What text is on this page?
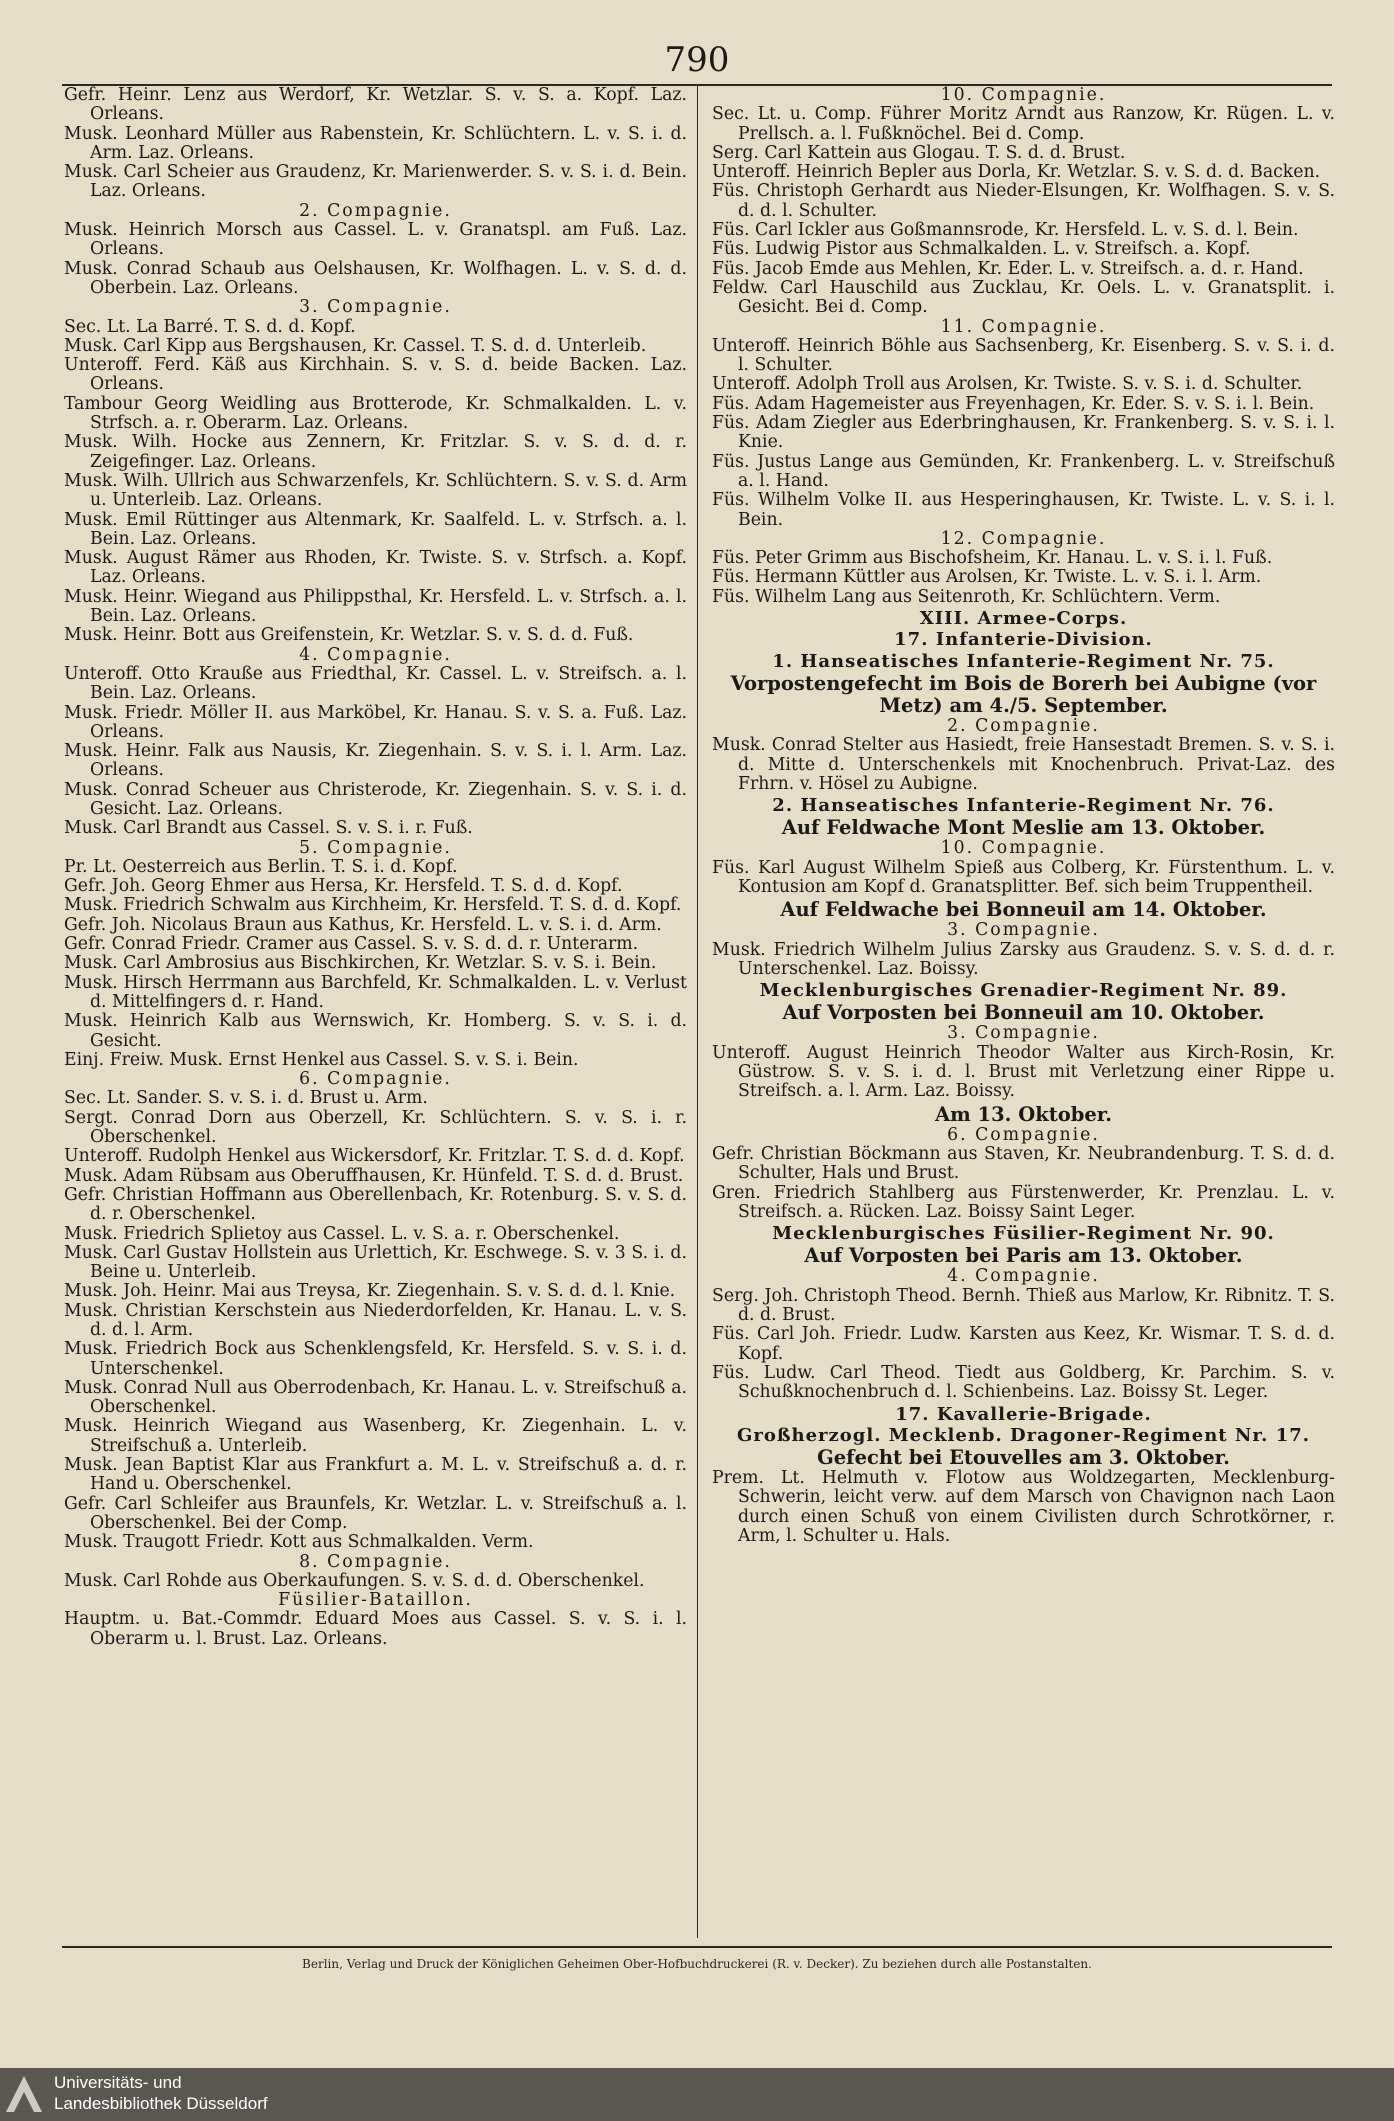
790

Gefr. Heinr. Lenz aus Werdorf, Kr. Wetzlar. S. v. S. a. Kopf. Laz. Orleans.

Musk. Leonhard Müller aus Rabenstein, Kr. Schlüchtern. L. v. S. i. d. Arm. Laz. Orleans.

Musk. Carl Scheier aus Graudenz, Kr. Marienwerder. S. v. S. i. d. Bein. Laz. Orleans.

2. Compagnie.

Musk. Heinrich Morsch aus Cassel. L. v. Granatspl. am Fuß. Laz. Orleans.

Musk. Conrad Schaub aus Oelshausen, Kr. Wolfhagen. L. v. S. d. d. Oberbein. Laz. Orleans.

3. Compagnie.

Sec. Lt. La Barré. T. S. d. d. Kopf.

Musk. Carl Kipp aus Bergshausen, Kr. Cassel. T. S. d. d. Unterleib.

Unteroff. Ferd. Käß aus Kirchhain. S. v. S. d. beide Backen. Laz. Orleans.

Tambour Georg Weidling aus Brotterode, Kr. Schmalkalden. L. v. Strfsch. a. r. Oberarm. Laz. Orleans.

Musk. Wilh. Hocke aus Zennern, Kr. Fritzlar. S. v. S. d. d. r. Zeigefinger. Laz. Orleans.

Musk. Wilh. Ullrich aus Schwarzenfels, Kr. Schlüchtern. S. v. S. d. Arm u. Unterleib. Laz. Orleans.

Musk. Emil Rüttinger aus Altenmark, Kr. Saalfeld. L. v. Strfsch. a. l. Bein. Laz. Orleans.

Musk. August Rämer aus Rhoden, Kr. Twiste. S. v. Strfsch. a. Kopf. Laz. Orleans.

Musk. Heinr. Wiegand aus Philippsthal, Kr. Hersfeld. L. v. Strfsch. a. l. Bein. Laz. Orleans.

Musk. Heinr. Bott aus Greifenstein, Kr. Wetzlar. S. v. S. d. d. Fuß.

4. Compagnie.

Unteroff. Otto Krauße aus Friedthal, Kr. Cassel. L. v. Streifsch. a. l. Bein. Laz. Orleans.

Musk. Friedr. Möller II. aus Marköbel, Kr. Hanau. S. v. S. a. Fuß. Laz. Orleans.

Musk. Heinr. Falk aus Nausis, Kr. Ziegenhain. S. v. S. i. l. Arm. Laz. Orleans.

Musk. Conrad Scheuer aus Christerode, Kr. Ziegenhain. S. v. S. i. d. Gesicht. Laz. Orleans.

Musk. Carl Brandt aus Cassel. S. v. S. i. r. Fuß.

5. Compagnie.

Pr. Lt. Oesterreich aus Berlin. T. S. i. d. Kopf.

Gefr. Joh. Georg Ehmer aus Hersa, Kr. Hersfeld. T. S. d. d. Kopf.

Musk. Friedrich Schwalm aus Kirchheim, Kr. Hersfeld. T. S. d. d. Kopf.

Gefr. Joh. Nicolaus Braun aus Kathus, Kr. Hersfeld. L. v. S. i. d. Arm.

Gefr. Conrad Friedr. Cramer aus Cassel. S. v. S. d. d. r. Unterarm.

Musk. Carl Ambrosius aus Bischkirchen, Kr. Wetzlar. S. v. S. i. Bein.

Musk. Hirsch Herrmann aus Barchfeld, Kr. Schmalkalden. L. v. Verlust d. Mittelfingers d. r. Hand.

Musk. Heinrich Kalb aus Wernswich, Kr. Homberg. S. v. S. i. d. Gesicht.

Einj. Freiw. Musk. Ernst Henkel aus Cassel. S. v. S. i. Bein.

6. Compagnie.

Sec. Lt. Sander. S. v. S. i. d. Brust u. Arm.

Sergt. Conrad Dorn aus Oberzell, Kr. Schlüchtern. S. v. S. i. r. Oberschenkel.

Unteroff. Rudolph Henkel aus Wickersdorf, Kr. Fritzlar. T. S. d. d. Kopf.

Musk. Adam Rübsam aus Oberuffhausen, Kr. Hünfeld. T. S. d. d. Brust.

Gefr. Christian Hoffmann aus Oberellenbach, Kr. Rotenburg. S. v. S. d. d. r. Oberschenkel.

Musk. Friedrich Splietoy aus Cassel. L. v. S. a. r. Oberschenkel.

Musk. Carl Gustav Hollstein aus Urlettich, Kr. Eschwege. S. v. 3 S. i. d. Beine u. Unterleib.

Musk. Joh. Heinr. Mai aus Treysa, Kr. Ziegenhain. S. v. S. d. d. l. Knie.

Musk. Christian Kerschstein aus Niederdorfelden, Kr. Hanau. L. v. S. d. d. l. Arm.

Musk. Friedrich Bock aus Schenklengsfeld, Kr. Hersfeld. S. v. S. i. d. Unterschenkel.

Musk. Conrad Null aus Oberrodenbach, Kr. Hanau. L. v. Streifschuß a. Oberschenkel.

Musk. Heinrich Wiegand aus Wasenberg, Kr. Ziegenhain. L. v. Streifschuß a. Unterleib.

Musk. Jean Baptist Klar aus Frankfurt a. M. L. v. Streifschuß a. d. r. Hand u. Oberschenkel.

Gefr. Carl Schleifer aus Braunfels, Kr. Wetzlar. L. v. Streifschuß a. l. Oberschenkel. Bei der Comp.

Musk. Traugott Friedr. Kott aus Schmalkalden. Verm.

8. Compagnie.

Musk. Carl Rohde aus Oberkaufungen. S. v. S. d. d. Oberschenkel.

Füsilier-Bataillon.

Hauptm. u. Bat.-Commdr. Eduard Moes aus Cassel. S. v. S. i. l. Oberarm u. l. Brust. Laz. Orleans.

10. Compagnie.

Sec. Lt. u. Comp. Führer Moritz Arndt aus Ranzow, Kr. Rügen. L. v. Prellsch. a. l. Fußknöchel. Bei d. Comp.

Serg. Carl Kattein aus Glogau. T. S. d. d. Brust.

Unteroff. Heinrich Bepler aus Dorla, Kr. Wetzlar. S. v. S. d. d. Backen.

Füs. Christoph Gerhardt aus Nieder-Elsungen, Kr. Wolfhagen. S. v. S. d. d. l. Schulter.

Füs. Carl Ickler aus Goßmannsrode, Kr. Hersfeld. L. v. S. d. l. Bein.

Füs. Ludwig Pistor aus Schmalkalden. L. v. Streifsch. a. Kopf.

Füs. Jacob Emde aus Mehlen, Kr. Eder. L. v. Streifsch. a. d. r. Hand.

Feldw. Carl Hauschild aus Zucklau, Kr. Oels. L. v. Granatsplit. i. Gesicht. Bei d. Comp.

11. Compagnie.

Unteroff. Heinrich Böhle aus Sachsenberg, Kr. Eisenberg. S. v. S. i. d. l. Schulter.

Unteroff. Adolph Troll aus Arolsen, Kr. Twiste. S. v. S. i. d. Schulter.

Füs. Adam Hagemeister aus Freyenhagen, Kr. Eder. S. v. S. i. l. Bein.

Füs. Adam Ziegler aus Ederbringhausen, Kr. Frankenberg. S. v. S. i. l. Knie.

Füs. Justus Lange aus Gemünden, Kr. Frankenberg. L. v. Streifschuß a. l. Hand.

Füs. Wilhelm Volke II. aus Hesperinghausen, Kr. Twiste. L. v. S. i. l. Bein.

12. Compagnie.

Füs. Peter Grimm aus Bischofsheim, Kr. Hanau. L. v. S. i. l. Fuß.

Füs. Hermann Küttler aus Arolsen, Kr. Twiste. L. v. S. i. l. Arm.

Füs. Wilhelm Lang aus Seitenroth, Kr. Schlüchtern. Verm.

XIII. Armee-Corps.

17. Infanterie-Division.

1. Hanseatisches Infanterie-Regiment Nr. 75.

Vorpostengefecht im Bois de Borerh bei Aubigne (vor Metz) am 4./5. September.

2. Compagnie.

Musk. Conrad Stelter aus Hasiedt, freie Hansestadt Bremen. S. v. S. i. d. Mitte d. Unterschenkels mit Knochenbruch. Privat-Laz. des Frhrn. v. Hösel zu Aubigne.

2. Hanseatisches Infanterie-Regiment Nr. 76.

Auf Feldwache Mont Meslie am 13. Oktober.

10. Compagnie.

Füs. Karl August Wilhelm Spieß aus Colberg, Kr. Fürstenthum. L. v. Kontusion am Kopf d. Granatsplitter. Bef. sich beim Truppentheil.

Auf Feldwache bei Bonneuil am 14. Oktober.

3. Compagnie.

Musk. Friedrich Wilhelm Julius Zarsky aus Graudenz. S. v. S. d. d. r. Unterschenkel. Laz. Boissy.

Mecklenburgisches Grenadier-Regiment Nr. 89.

Auf Vorposten bei Bonneuil am 10. Oktober.

3. Compagnie.

Unteroff. August Heinrich Theodor Walter aus Kirch-Rosin, Kr. Güstrow. S. v. S. i. d. l. Brust mit Verletzung einer Rippe u. Streifsch. a. l. Arm. Laz. Boissy.

Am 13. Oktober.

6. Compagnie.

Gefr. Christian Böckmann aus Staven, Kr. Neubrandenburg. T. S. d. d. Schulter, Hals und Brust.

Gren. Friedrich Stahlberg aus Fürstenwerder, Kr. Prenzlau. L. v. Streifsch. a. Rücken. Laz. Boissy Saint Leger.

Mecklenburgisches Füsilier-Regiment Nr. 90.

Auf Vorposten bei Paris am 13. Oktober.

4. Compagnie.

Serg. Joh. Christoph Theod. Bernh. Thieß aus Marlow, Kr. Ribnitz. T. S. d. d. Brust.

Füs. Carl Joh. Friedr. Ludw. Karsten aus Keez, Kr. Wismar. T. S. d. d. Kopf.

Füs. Ludw. Carl Theod. Tiedt aus Goldberg, Kr. Parchim. S. v. Schußknochenbruch d. l. Schienbeins. Laz. Boissy St. Leger.

17. Kavallerie-Brigade.

Großherzogl. Mecklenb. Dragoner-Regiment Nr. 17.

Gefecht bei Etouvelles am 3. Oktober.

Prem. Lt. Helmuth v. Flotow aus Woldzegarten, Mecklenburg-Schwerin, leicht verw. auf dem Marsch von Chavignon nach Laon durch einen Schuß von einem Civilisten durch Schrotkörner, r. Arm, l. Schulter u. Hals.

Berlin, Verlag und Druck der Königlichen Geheimen Ober-Hofbuchdruckerei (R. v. Decker). Zu beziehen durch alle Postanstalten.
Universitäts- und
Landesbibliothek Düsseldorf
